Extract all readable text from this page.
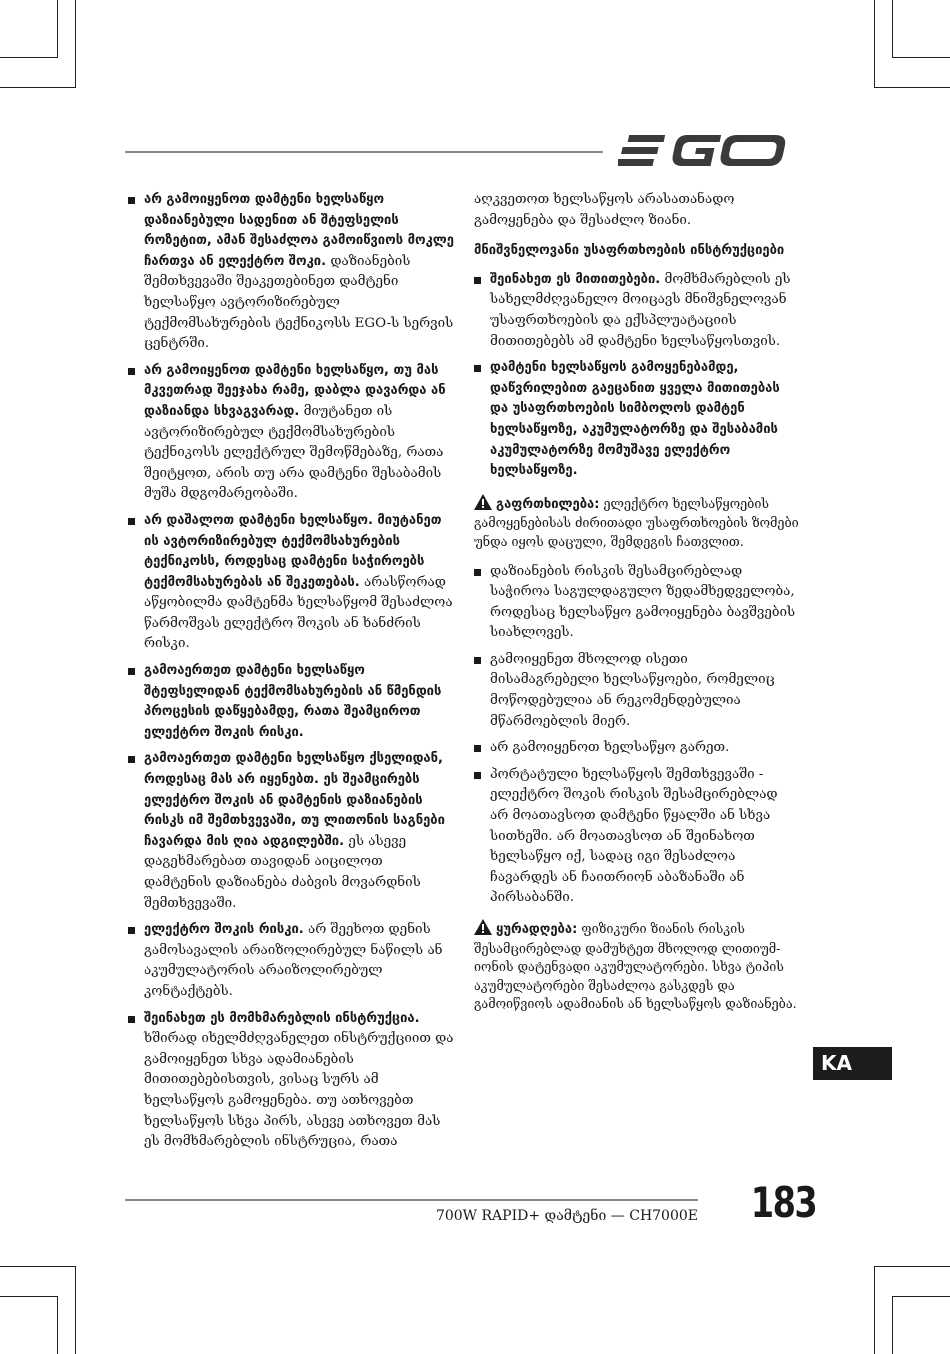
არ გამოიყენოთ დამტენი ხელსაწყო დაზიანებული სადენით ან შტეფსელის როზეტით, ამან შესაძლოა გამოიწვიოს მოკლე ჩართვა ან ელექტრო შოკი. დაზიანების შემთხვევაში შეაკეთებინეთ დამტენი ხელსაწყო ავტორიზირებულ ტექმომსახურების ტექნიკოსს EGO-ს სერვის ცენტრში.
არ გამოიყენოთ დამტენი ხელსაწყო, თუ მას მკვეთრად შეეჯახა რამე, დაბლა დავარდა ან დაზიანდა სხვაგვარად. მიუტანეთ ის ავტორიზირებულ ტექმომსახურების ტექნიკოსს ელექტრულ შემოწმებაზე, რათა შეიტყოთ, არის თუ არა დამტენი შესაბამის მუშა მდგომარეობაში.
არ დაშალოთ დამტენი ხელსაწყო. მიუტანეთ ის ავტორიზირებულ ტექმომსახურების ტექნიკოსს, როდესაც დამტენი საჭიროებს ტექმომსახურებას ან შეკეთებას. არასწორად აწყობილმა დამტენმა ხელსაწყომ შესაძლოა წარმოშვას ელექტრო შოკის ან ხანძრის რისკი.
გამოაერთეთ დამტენი ხელსაწყო შტეფსელიდან ტექმომსახურების ან წმენდის პროცესის დაწყებამდე, რათა შეამციროთ ელექტრო შოკის რისკი.
გამოაერთეთ დამტენი ხელსაწყო ქსელიდან, როდესაც მას არ იყენებთ. ეს შეამცირებს ელექტრო შოკის ან დამტენის დაზიანების რისკს იმ შემთხვევაში, თუ ლითონის საგნები ჩავარდა მის ღია ადგილებში. ეს ასევე დაგეხმარებათ თავიდან აიცილოთ დამტენის დაზიანება ძაბვის მოვარდნის შემთხვევაში.
ელექტრო შოკის რისკი. არ შეეხოთ დენის გამოსავალის არაიზოლირებულ ნაწილს ან აკუმულატორის არაიზოლირებულ კონტაქტებს.
შეინახეთ ეს მომხმარებლის ინსტრუქცია. ხშირად იხელმძღვანელეთ ინსტრუქციით და გამოიყენეთ სხვა ადამიანების მითითებებისთვის, ვისაც სურს ამ ხელსაწყოს გამოყენება. თუ ათხოვებთ ხელსაწყოს სხვა პირს, ასევე ათხოვეთ მას ეს მომხმარებლის ინსტრუცია, რათა
აღკვეთოთ ხელსაწყოს არასათანადო გამოყენება და შესაძლო ზიანი.
მნიშვნელოვანი უსაფრთხოების ინსტრუქციები
შეინახეთ ეს მითითებები. მომხმარებლის ეს სახელმძღვანელო მოიცავს მნიშვნელოვან უსაფრთხოების და ექსპლუატაციის მითითებებს ამ დამტენი ხელსაწყოსთვის.
დამტენი ხელსაწყოს გამოყენებამდე, დაწვრილებით გაეცანით ყველა მითითებას და უსაფრთხოების სიმბოლოს დამტენ ხელსაწყოზე, აკუმულატორზე და შესაბამის აკუმულატორზე მომუშავე ელექტრო ხელსაწყოზე.
გაფრთხილება: ელექტრო ხელსაწყოების გამოყენებისას ძირითადი უსაფრთხოების ზომები უნდა იყოს დაცული, შემდეგის ჩათვლით.
დაზიანების რისკის შესამცირებლად საჭიროა საგულდაგულო ზედამხედველობა, როდესაც ხელსაწყო გამოიყენება ბავშვების სიახლოვეს.
გამოიყენეთ მხოლოდ ისეთი მისამაგრებელი ხელსაწყოები, რომელიც მოწოდებულია ან რეკომენდებულია მწარმოებლის მიერ.
არ გამოიყენოთ ხელსაწყო გარეთ.
პორტატული ხელსაწყოს შემთხვევაში - ელექტრო შოკის რისკის შესამცირებლად არ მოათავსოთ დამტენი წყალში ან სხვა სითხეში. არ მოათავსოთ ან შეინახოთ ხელსაწყო იქ, სადაც იგი შესაძლოა ჩავარდეს ან ჩაითრიონ აბაზანაში ან პირსაბანში.
ყურადღება: ფიზიკური ზიანის რისკის შესამცირებლად დამუხტეთ მხოლოდ ლითიუმ-იონის დატენვადი აკუმულატორები. სხვა ტიპის აკუმულატორები შესაძლოა გასკდეს და გამოიწვიოს ადამიანის ან ხელსაწყოს დაზიანება.
KA
700W RAPID+ დამტენი — CH7000E 183
